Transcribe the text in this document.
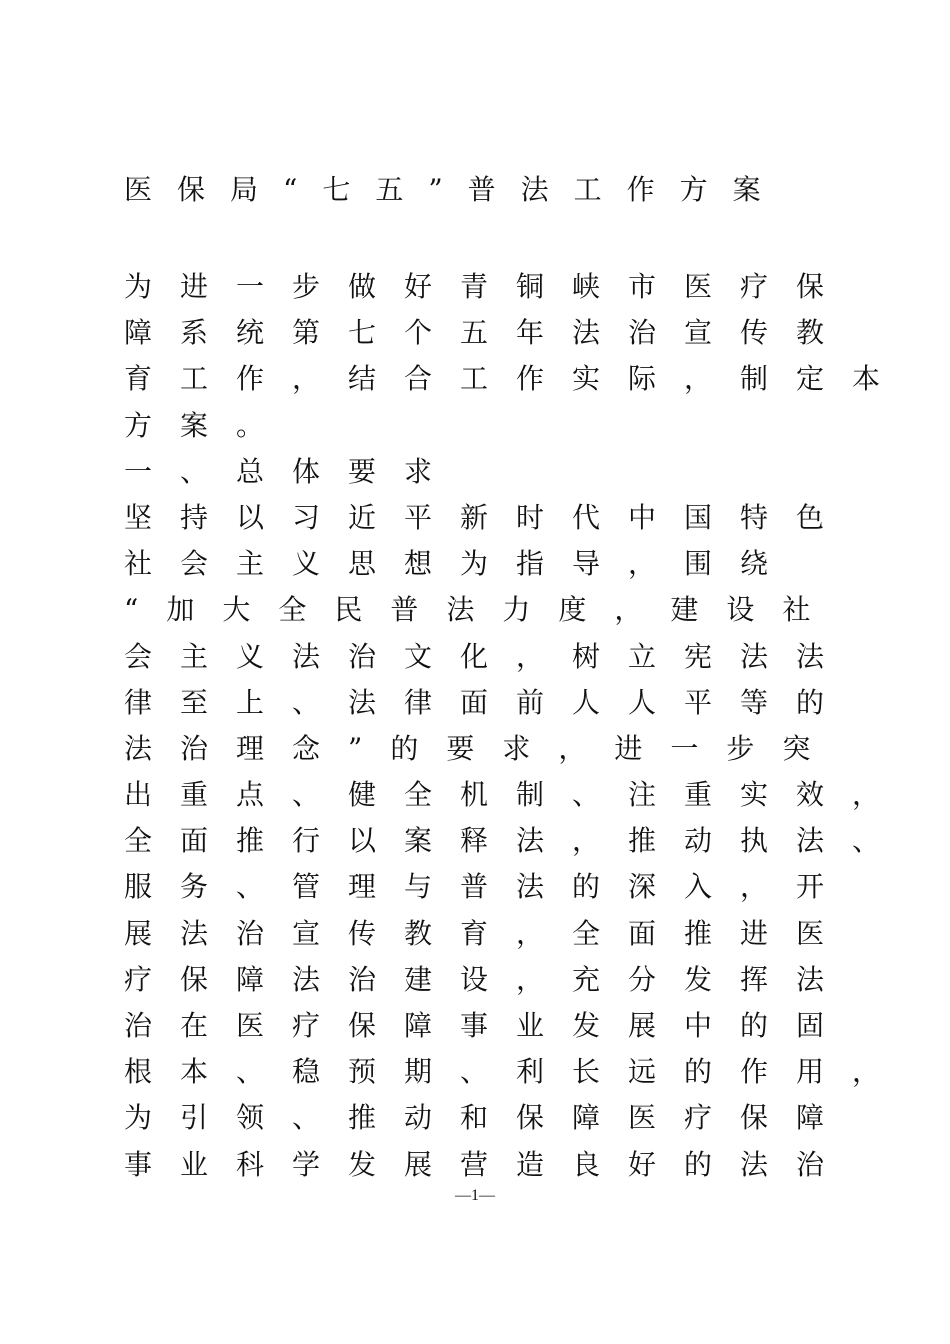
医保局“七五”普法工作方案
为进一步做好青铜峡市医疗保
障系统第七个五年法治宣传教
育工作，结合工作实际，制定本
方案。
一、总体要求
坚持以习近平新时代中国特色
社会主义思想为指导，围绕
“加大全民普法力度，建设社
会主义法治文化，树立宪法法
律至上、法律面前人人平等的
法治理念”的要求，进一步突
出重点、健全机制、注重实效，
全面推行以案释法，推动执法、
服务、管理与普法的深入，开
展法治宣传教育，全面推进医
疗保障法治建设，充分发挥法
治在医疗保障事业发展中的固
根本、稳预期、利长远的作用，
为引领、推动和保障医疗保障
事业科学发展营造良好的法治
—1—
